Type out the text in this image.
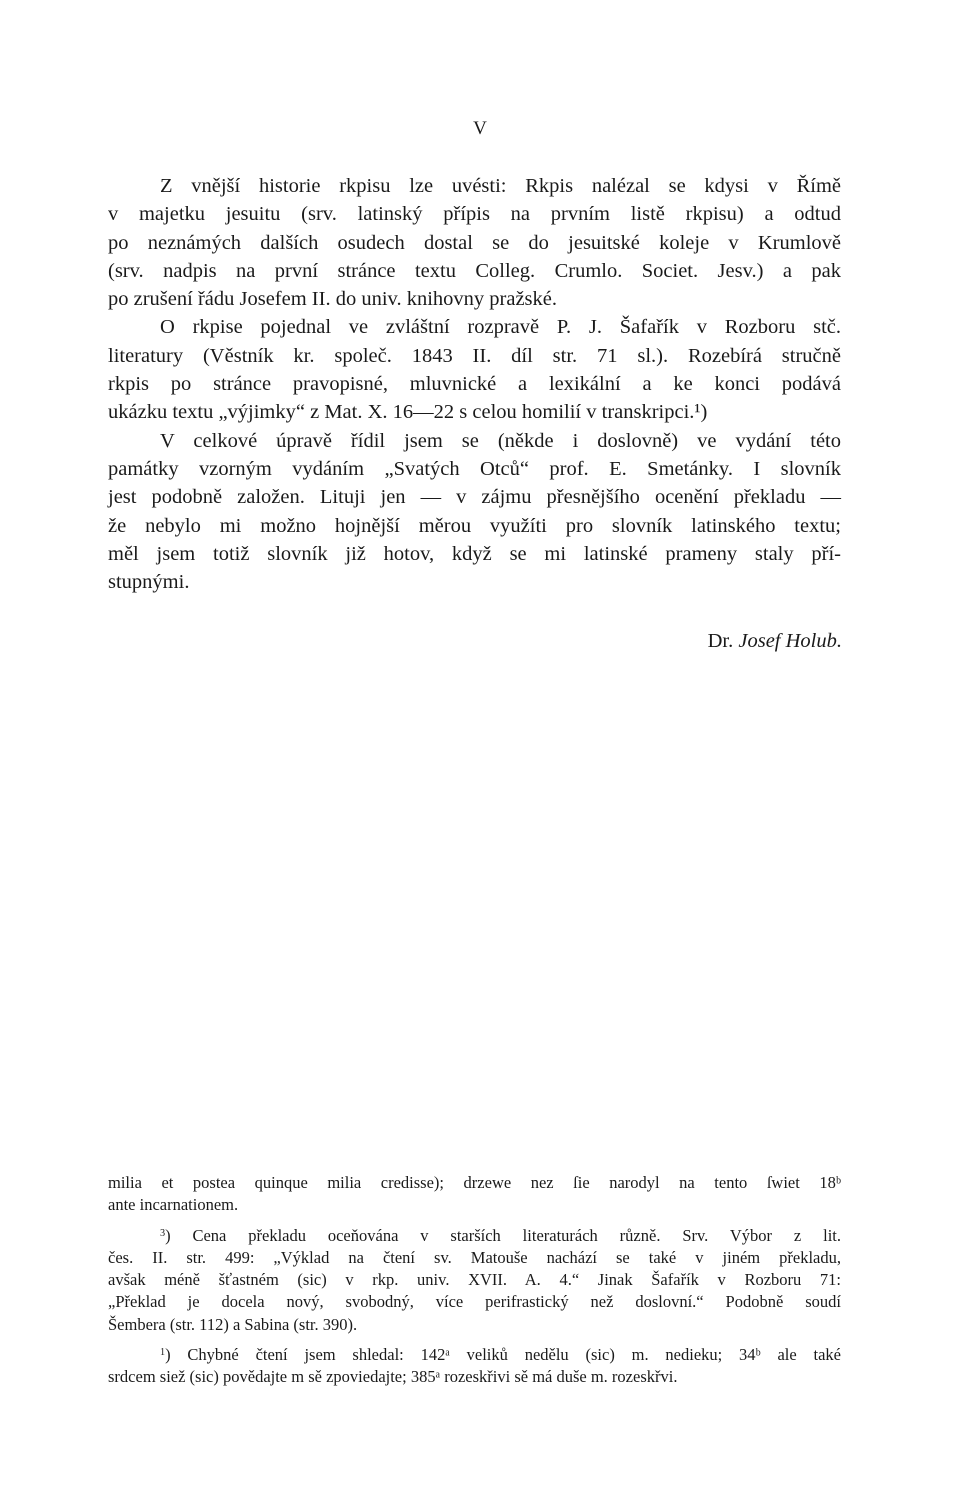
V
Z vnější historie rkpisu lze uvésti: Rkpis nalézal se kdysi v Římě
v majetku jesuitu (srv. latinský přípis na prvním listě rkpisu) a odtud
po neznámých dalších osudech dostal se do jesuitské koleje v Krumlově
(srv. nadpis na první stránce textu Colleg. Crumlo. Societ. Jesv.) a pak
po zrušení řádu Josefem II. do univ. knihovny pražské.
O rkpise pojednal ve zvláštní rozpravě P. J. Šafařík v Rozboru stč.
literatury (Věstník kr. společ. 1843 II. díl str. 71 sl.). Rozebírá stručně
rkpis po stránce pravopisné, mluvnické a lexikální a ke konci podává
ukázku textu „výjimky“ z Mat. X. 16—22 s celou homilií v transkripci.¹)
V celkové úpravě řídil jsem se (někde i doslovně) ve vydání této
památky vzorným vydáním „Svatých Otců“ prof. E. Smetánky. I slovník
jest podobně založen. Lituji jen — v zájmu přesnějšího ocenění překladu —
že nebylo mi možno hojnější měrou využíti pro slovník latinského textu;
měl jsem totiž slovník již hotov, když se mi latinské prameny staly pří-
stupnými.
Dr. Josef Holub.
milia et postea quinque milia credisse); drzewe nez ſie narodyl na tento ſwiet 18ᵇ
ante incarnationem.
$^3$) Cena překladu oceňována v starších literaturách různě. Srv. Výbor z lit.
čes. II. str. 499: „Výklad na čtení sv. Matouše nachází se také v jiném překladu,
avšak méně šťastném (sic) v rkp. univ. XVII. A. 4.“ Jinak Šafařík v Rozboru 71:
„Překlad je docela nový, svobodný, více perifrastický než doslovní.“ Podobně soudí
Šembera (str. 112) a Sabina (str. 390).
$^1$) Chybné čtení jsem shledal: 142ᵃ veliků nedělu (sic) m. nedieku; 34ᵇ ale také
srdcem siež (sic) povědajte m sě zpoviedajte; 385ᵃ rozeskřivi sě má duše m. rozeskřvi.
